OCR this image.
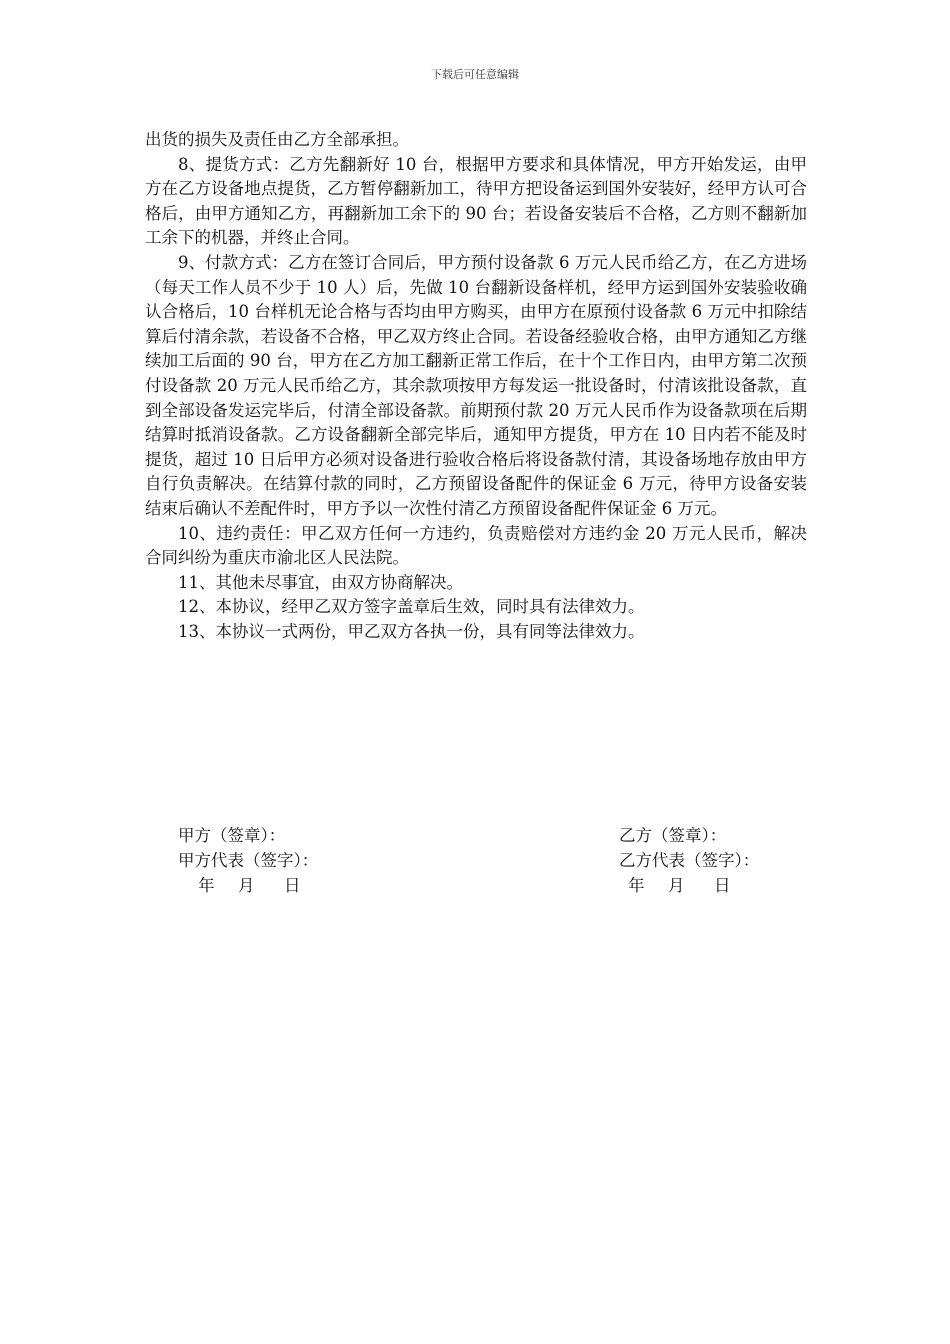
下载后可任意编辑

出货的损失及责任由乙方全部承担。

8、提货方式：乙方先翻新好 10 台，根据甲方要求和具体情况，甲方开始发运，由甲方在乙方设备地点提货，乙方暂停翻新加工，待甲方把设备运到国外安装好，经甲方认可合格后，由甲方通知乙方，再翻新加工余下的 90 台；若设备安装后不合格，乙方则不翻新加工余下的机器，并终止合同。

9、付款方式：乙方在签订合同后，甲方预付设备款 6 万元人民币给乙方，在乙方进场（每天工作人员不少于 10 人）后，先做 10 台翻新设备样机，经甲方运到国外安装验收确认合格后，10 台样机无论合格与否均由甲方购买，由甲方在原预付设备款 6 万元中扣除结算后付清余款，若设备不合格，甲乙双方终止合同。若设备经验收合格，由甲方通知乙方继续加工后面的 90 台，甲方在乙方加工翻新正常工作后，在十个工作日内，由甲方第二次预付设备款 20 万元人民币给乙方，其余款项按甲方每发运一批设备时，付清该批设备款，直到全部设备发运完毕后，付清全部设备款。前期预付款 20 万元人民币作为设备款项在后期结算时抵消设备款。乙方设备翻新全部完毕后，通知甲方提货，甲方在 10 日内若不能及时提货，超过 10 日后甲方必须对设备进行验收合格后将设备款付清，其设备场地存放由甲方自行负责解决。在结算付款的同时，乙方预留设备配件的保证金 6 万元，待甲方设备安装结束后确认不差配件时，甲方予以一次性付清乙方预留设备配件保证金 6 万元。

10、违约责任：甲乙双方任何一方违约，负责赔偿对方违约金 20 万元人民币，解决合同纠纷为重庆市渝北区人民法院。

11、其他未尽事宜，由双方协商解决。

12、本协议，经甲乙双方签字盖章后生效，同时具有法律效力。

13、本协议一式两份，甲乙双方各执一份，具有同等法律效力。

甲方（签章）：
甲方代表（签字）：
年 月 日
乙方（签章）：
乙方代表（签字）：
年 月 日
